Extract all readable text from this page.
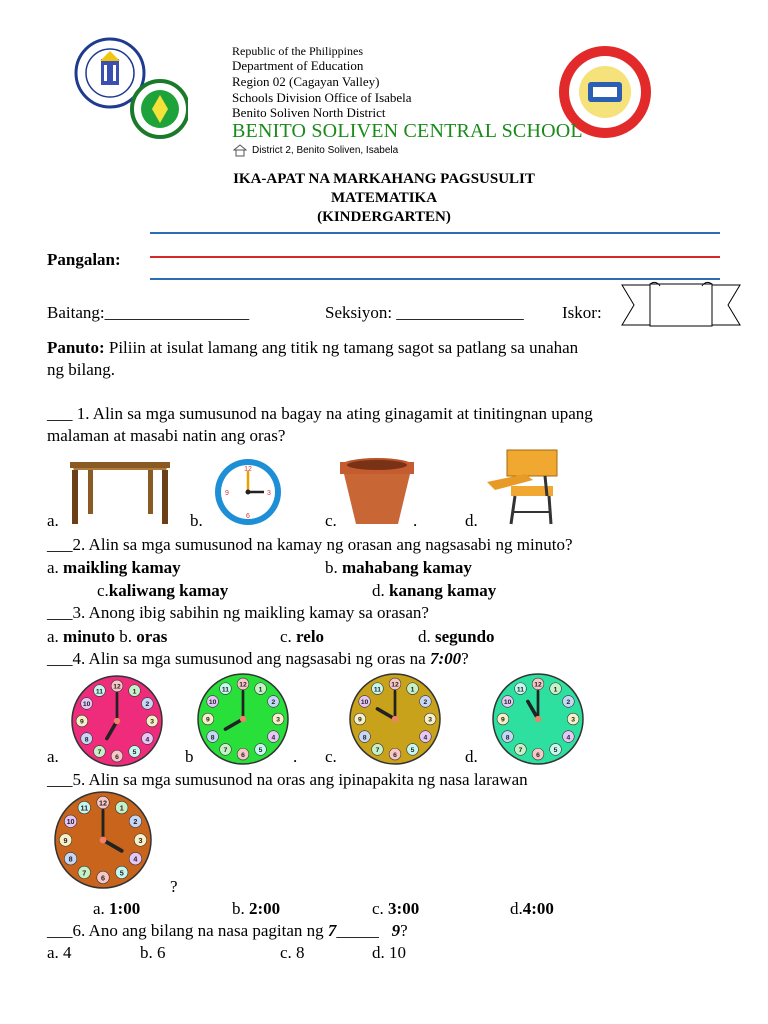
Republic of the Philippines
Department of Education
Region 02 (Cagayan Valley)
Schools Division Office of Isabela
Benito Soliven North District
BENITO SOLIVEN CENTRAL SCHOOL
District 2, Benito Soliven, Isabela
IKA-APAT NA MARKAHANG PAGSUSULIT
MATEMATIKA
(KINDERGARTEN)
Pangalan:
Baitang:_________________	Seksiyon: _______________ Iskor:
Panuto: Piliin at isulat lamang ang titik ng tamang sagot sa patlang sa unahan
ng bilang.
___ 1. Alin sa mga sumusunod na bagay na ating ginagamit at tinitingnan upang
malaman at masabi natin ang oras?
a.	b.
12
3
6
9
c.	.	d.
___2. Alin sa mga sumusunod na kamay ng orasan ang nagsasabi ng minuto?
a. maikling kamay	b. mahabang kamay
c.kaliwang kamay	d. kanang kamay
___3. Anong ibig sabihin ng maikling kamay sa orasan?
a. minuto b. oras	c. relo	d. segundo
___4. Alin sa mga sumusunod ang nagsasabi ng oras na 7:00?
a.	b	. c.	d.
1
2
3
4
5
6
7
8
9
10
11
12	1
2
3
4
5
6
7
8
9
10
11
12
1
2
3
4
5
6
7
8
9
10
11
12
1
2
3
4
5
6
7
8
9
10
11
12
___5. Alin sa mga sumusunod na oras ang ipinapakita ng nasa larawan
1
2
3
4
5
6
7
8
9
10
11
12
?
a. 1:00	b. 2:00	c. 3:00	d.4:00
___6. Ano ang bilang na nasa pagitan ng 7_____ 9?
a. 4	b. 6	c. 8	d. 10
